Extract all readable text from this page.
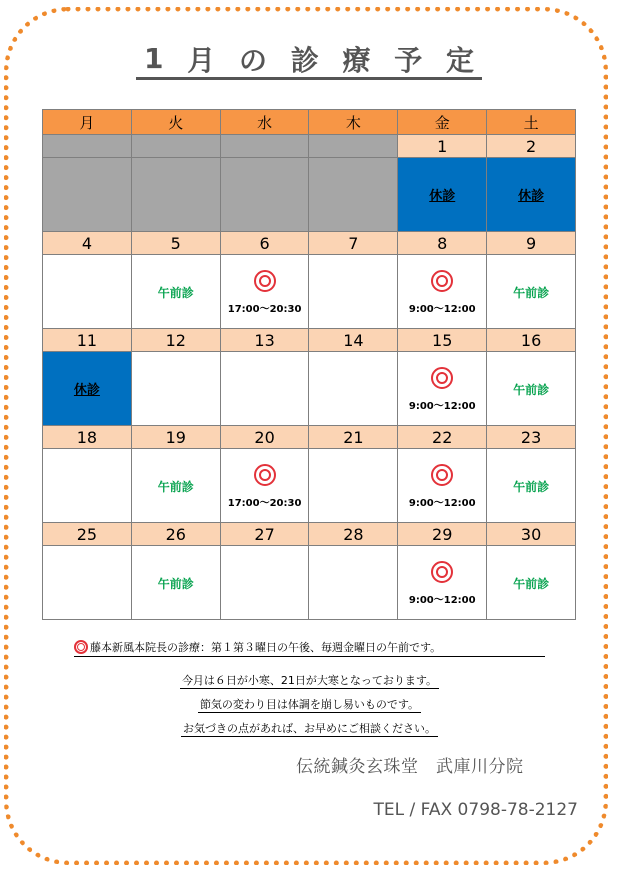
1 月 の 診 療 予 定
月	火	水	木	金	土
				1	2
				休診	休診
4	5	6	7	8	9
	午前診	17:00～20:30		9:00～12:00	午前診
11	12	13	14	15	16
休診				9:00～12:00	午前診
18	19	20	21	22	23
	午前診	17:00～20:30		9:00～12:00	午前診
25	26	27	28	29	30
	午前診			9:00～12:00	午前診
藤本新風本院長の診療：第１第３曜日の午後、毎週金曜日の午前です。
今月は６日が小寒、21日が大寒となっております。
節気の変わり目は体調を崩し易いものです。
お気づきの点があれば、お早めにご相談ください。
伝統鍼灸玄珠堂　武庫川分院
TEL / FAX 0798-78-2127
